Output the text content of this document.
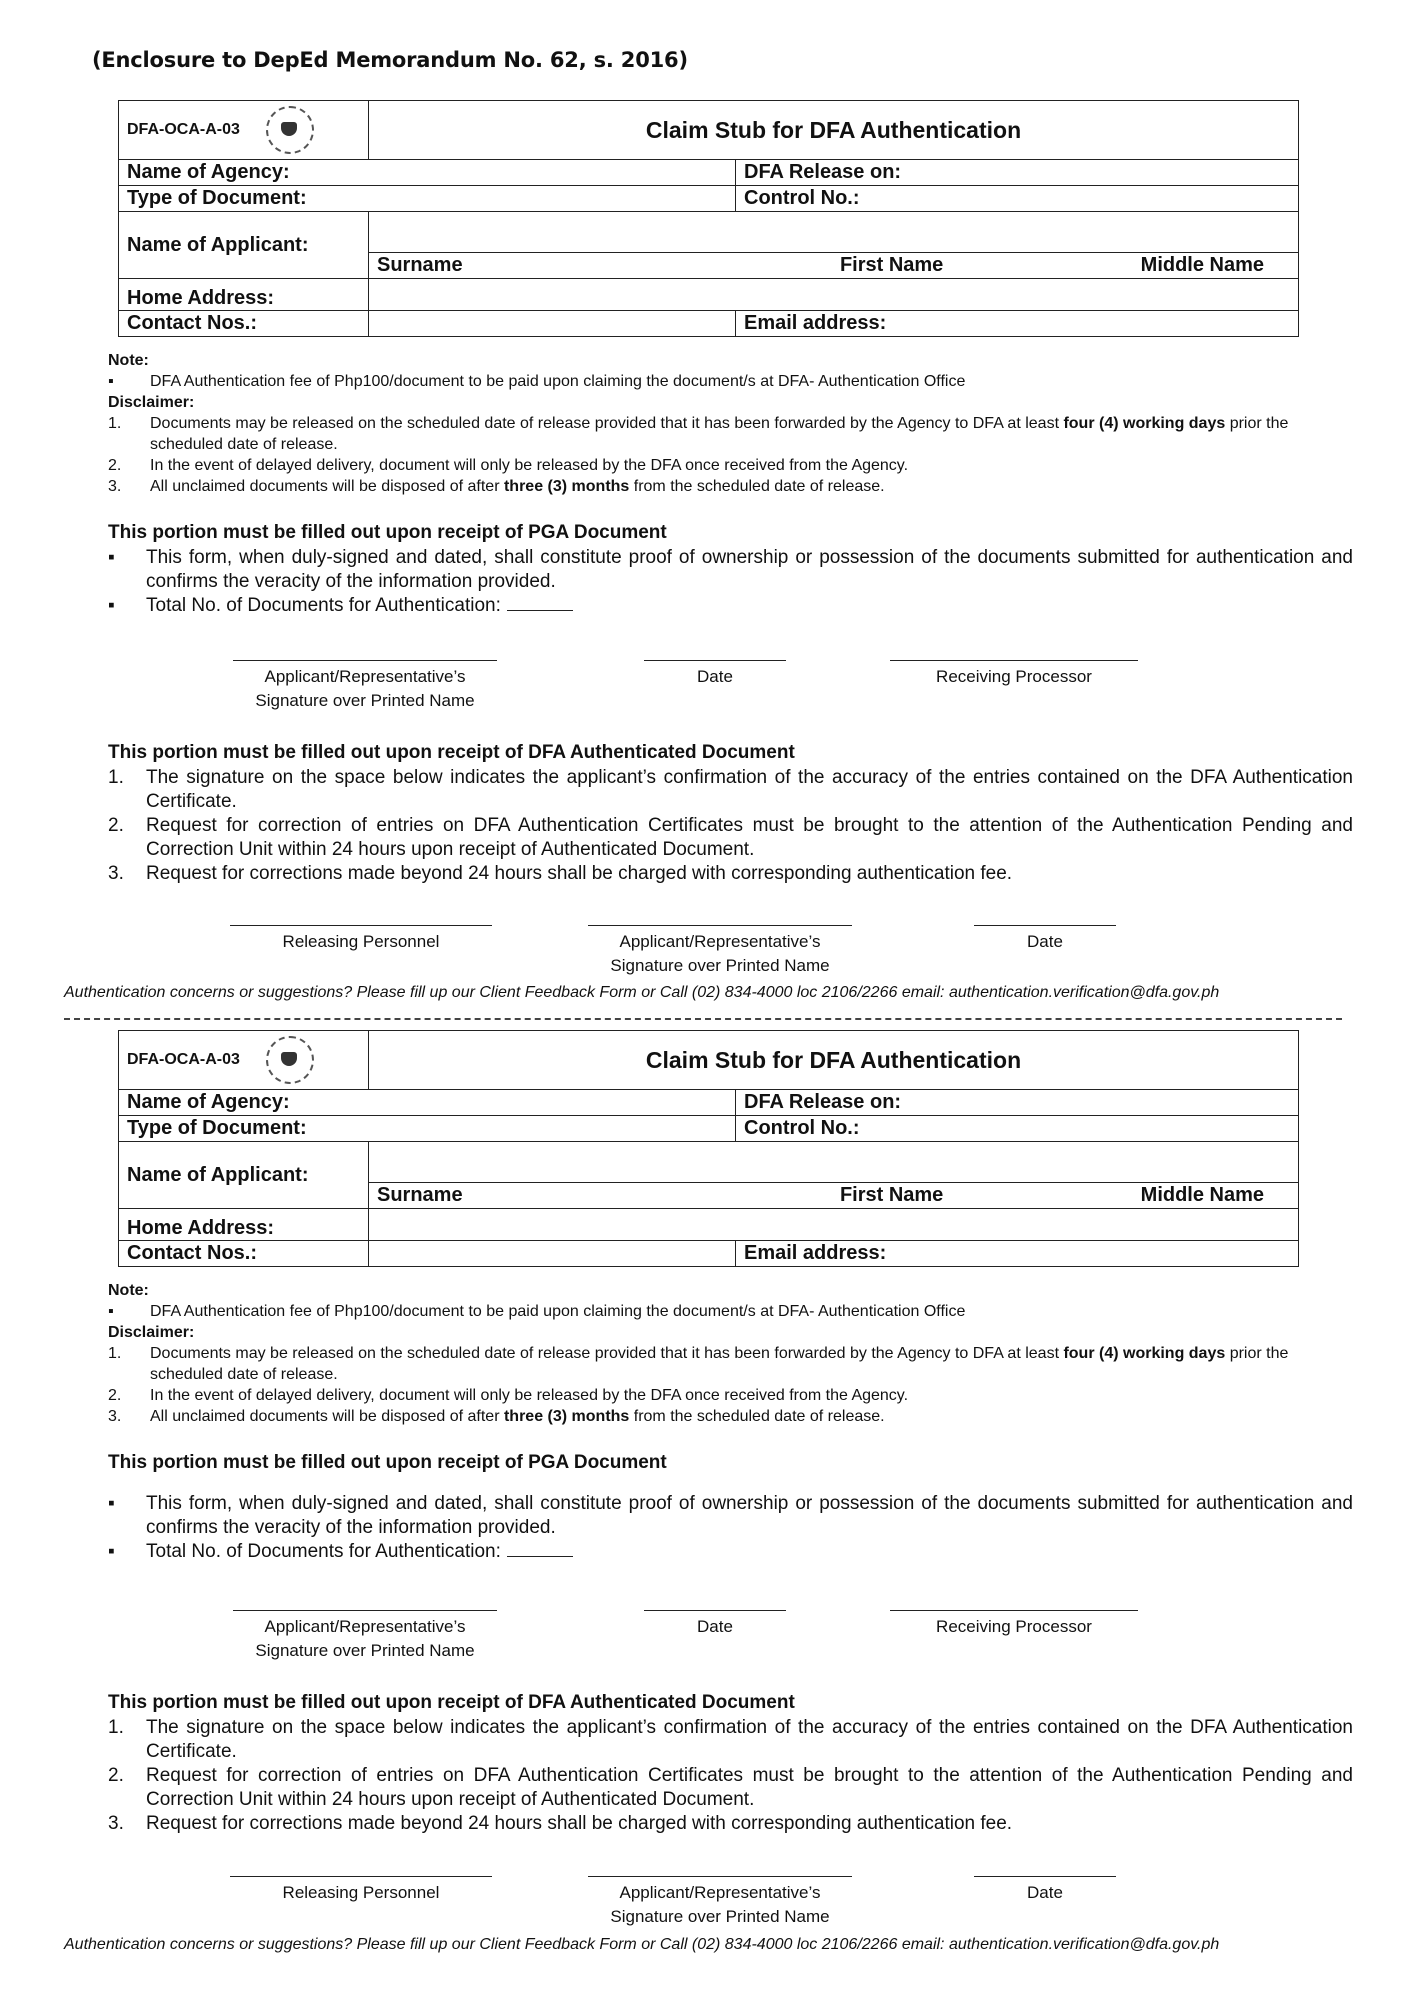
(Enclosure to DepEd Memorandum No. 62, s. 2016)
DFA-OCA-A-03	Claim Stub for DFA Authentication	
Name of Agency:		DFA Release on:
Type of Document:		Control No.:
Name of Applicant:		

	Surname First Name Middle Name	

Home Address:		
Contact Nos.:		Email address:
Note:
▪	DFA Authentication fee of Php100/document to be paid upon claiming the document/s at DFA- Authentication Office
Disclaimer:
1.	Documents may be released on the scheduled date of release provided that it has been forwarded by the Agency to DFA at least four (4) working days prior the scheduled date of release.
2.	In the event of delayed delivery, document will only be released by the DFA once received from the Agency.
3.	All unclaimed documents will be disposed of after three (3) months from the scheduled date of release.
This portion must be filled out upon receipt of PGA Document
▪	This form, when duly-signed and dated, shall constitute proof of ownership or possession of the documents submitted for authentication and confirms the veracity of the information provided.
▪	Total No. of Documents for Authentication:
Applicant/Representative’s
Signature over Printed Name
Date	Receiving Processor
This portion must be filled out upon receipt of DFA Authenticated Document
1.	The signature on the space below indicates the applicant’s confirmation of the accuracy of the entries contained on the DFA Authentication Certificate.
2.	Request for correction of entries on DFA Authentication Certificates must be brought to the attention of the Authentication Pending and Correction Unit within 24 hours upon receipt of Authenticated Document.
3.	Request for corrections made beyond 24 hours shall be charged with corresponding authentication fee.
Releasing Personnel	Applicant/Representative’s
Signature over Printed Name
Date
Authentication concerns or suggestions? Please fill up our Client Feedback Form or Call (02) 834-4000 loc 2106/2266 email: authentication.verification@dfa.gov.ph
DFA-OCA-A-03	Claim Stub for DFA Authentication	
Name of Agency:		DFA Release on:
Type of Document:		Control No.:
Name of Applicant:		

	Surname First Name Middle Name	

Home Address:		
Contact Nos.:		Email address:
Note:
▪	DFA Authentication fee of Php100/document to be paid upon claiming the document/s at DFA- Authentication Office
Disclaimer:
1.	Documents may be released on the scheduled date of release provided that it has been forwarded by the Agency to DFA at least four (4) working days prior the scheduled date of release.
2.	In the event of delayed delivery, document will only be released by the DFA once received from the Agency.
3.	All unclaimed documents will be disposed of after three (3) months from the scheduled date of release.
This portion must be filled out upon receipt of PGA Document
▪	This form, when duly-signed and dated, shall constitute proof of ownership or possession of the documents submitted for authentication and confirms the veracity of the information provided.
▪	Total No. of Documents for Authentication:
Applicant/Representative’s
Signature over Printed Name
Date	Receiving Processor
This portion must be filled out upon receipt of DFA Authenticated Document
1.	The signature on the space below indicates the applicant’s confirmation of the accuracy of the entries contained on the DFA Authentication Certificate.
2.	Request for correction of entries on DFA Authentication Certificates must be brought to the attention of the Authentication Pending and Correction Unit within 24 hours upon receipt of Authenticated Document.
3.	Request for corrections made beyond 24 hours shall be charged with corresponding authentication fee.
Releasing Personnel	Applicant/Representative’s
Signature over Printed Name
Date
Authentication concerns or suggestions? Please fill up our Client Feedback Form or Call (02) 834-4000 loc 2106/2266 email: authentication.verification@dfa.gov.ph
